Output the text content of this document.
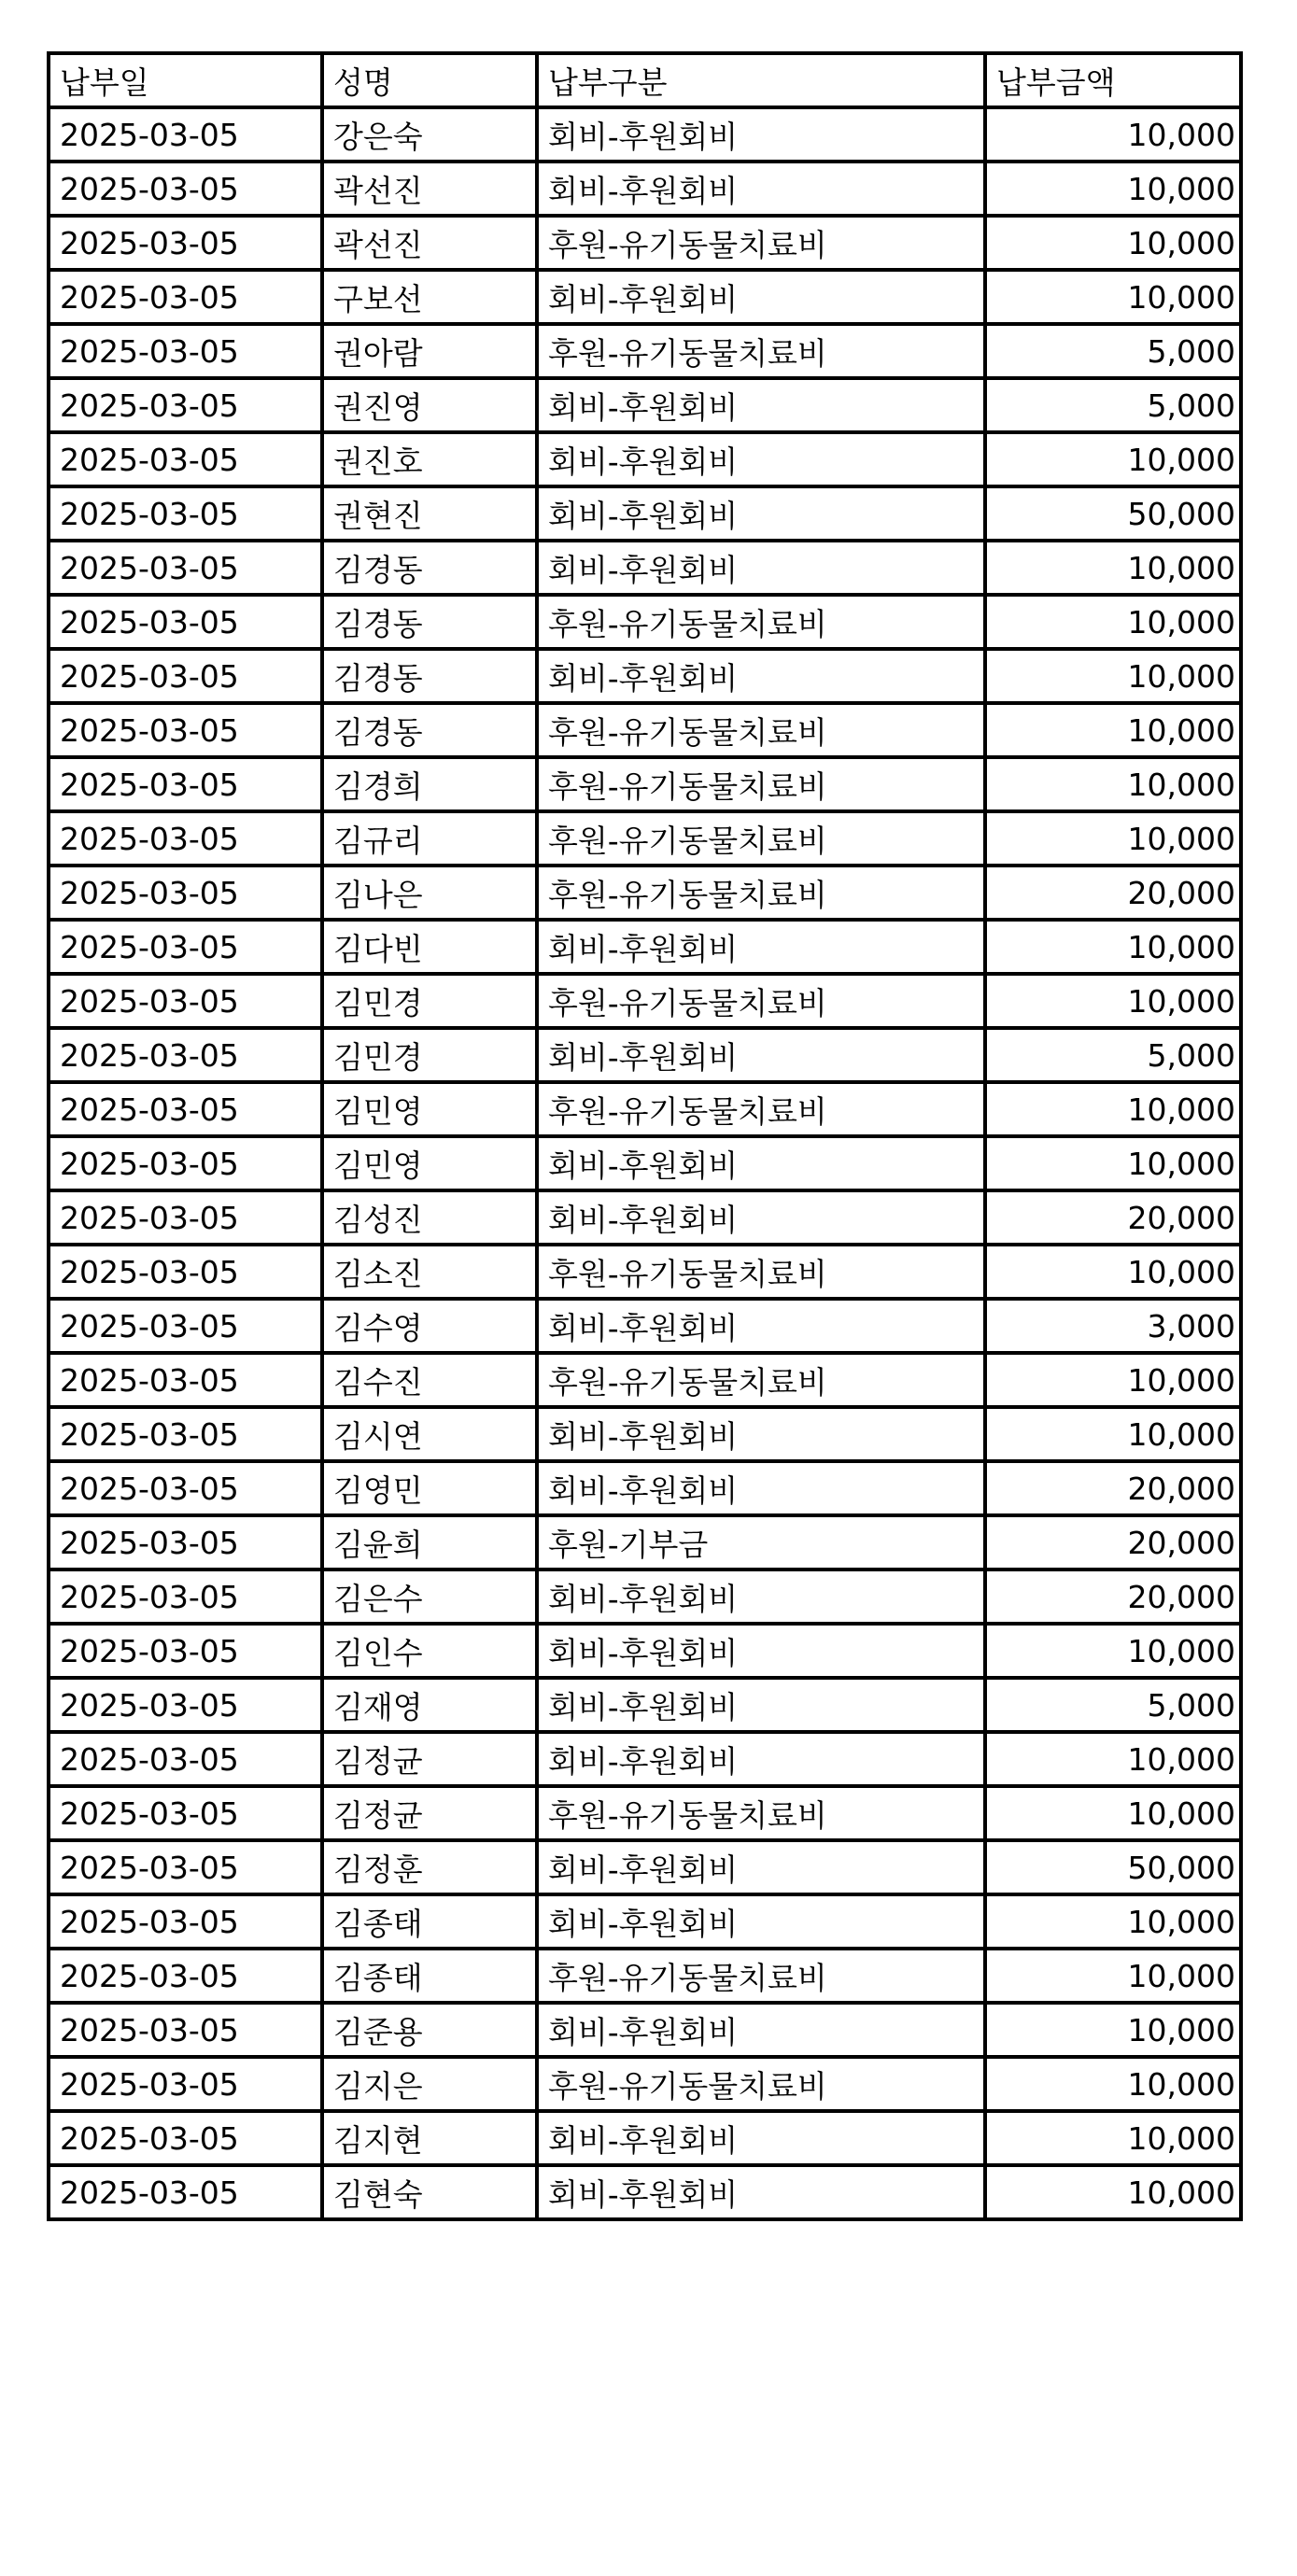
납부일	성명	납부구분	납부금액
2025-03-05	강은숙	회비-후원회비	10,000
2025-03-05	곽선진	회비-후원회비	10,000
2025-03-05	곽선진	후원-유기동물치료비	10,000
2025-03-05	구보선	회비-후원회비	10,000
2025-03-05	권아람	후원-유기동물치료비	5,000
2025-03-05	권진영	회비-후원회비	5,000
2025-03-05	권진호	회비-후원회비	10,000
2025-03-05	권현진	회비-후원회비	50,000
2025-03-05	김경동	회비-후원회비	10,000
2025-03-05	김경동	후원-유기동물치료비	10,000
2025-03-05	김경동	회비-후원회비	10,000
2025-03-05	김경동	후원-유기동물치료비	10,000
2025-03-05	김경희	후원-유기동물치료비	10,000
2025-03-05	김규리	후원-유기동물치료비	10,000
2025-03-05	김나은	후원-유기동물치료비	20,000
2025-03-05	김다빈	회비-후원회비	10,000
2025-03-05	김민경	후원-유기동물치료비	10,000
2025-03-05	김민경	회비-후원회비	5,000
2025-03-05	김민영	후원-유기동물치료비	10,000
2025-03-05	김민영	회비-후원회비	10,000
2025-03-05	김성진	회비-후원회비	20,000
2025-03-05	김소진	후원-유기동물치료비	10,000
2025-03-05	김수영	회비-후원회비	3,000
2025-03-05	김수진	후원-유기동물치료비	10,000
2025-03-05	김시연	회비-후원회비	10,000
2025-03-05	김영민	회비-후원회비	20,000
2025-03-05	김윤희	후원-기부금	20,000
2025-03-05	김은수	회비-후원회비	20,000
2025-03-05	김인수	회비-후원회비	10,000
2025-03-05	김재영	회비-후원회비	5,000
2025-03-05	김정균	회비-후원회비	10,000
2025-03-05	김정균	후원-유기동물치료비	10,000
2025-03-05	김정훈	회비-후원회비	50,000
2025-03-05	김종태	회비-후원회비	10,000
2025-03-05	김종태	후원-유기동물치료비	10,000
2025-03-05	김준용	회비-후원회비	10,000
2025-03-05	김지은	후원-유기동물치료비	10,000
2025-03-05	김지현	회비-후원회비	10,000
2025-03-05	김현숙	회비-후원회비	10,000
